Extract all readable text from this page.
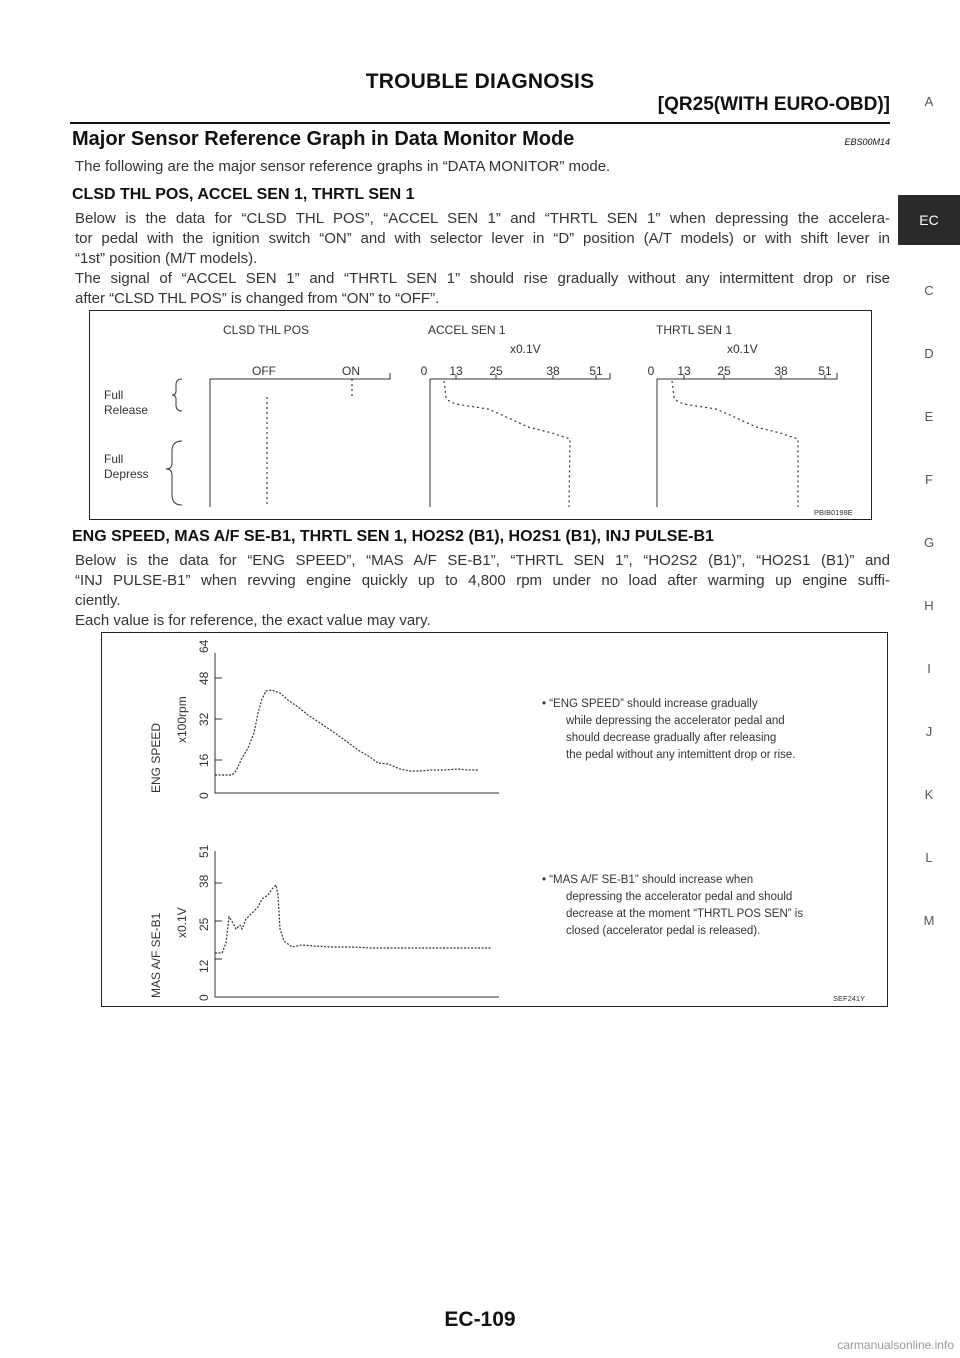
TROUBLE DIAGNOSIS
[QR25(WITH EURO-OBD)]
Major Sensor Reference Graph in Data Monitor Mode	EBS00M14
The following are the major sensor reference graphs in “DATA MONITOR” mode.
CLSD THL POS, ACCEL SEN 1, THRTL SEN 1
Below is the data for “CLSD THL POS”, “ACCEL SEN 1” and “THRTL SEN 1” when depressing the accelera-
tor pedal with the ignition switch “ON” and with selector lever in “D” position (A/T models) or with shift lever in
“1st” position (M/T models).
The signal of “ACCEL SEN 1” and “THRTL SEN 1” should rise gradually without any intermittent drop or rise
after “CLSD THL POS” is changed from “ON” to “OFF”.
CLSD THL POS	ACCEL SEN 1	THRTL SEN 1
x0.1V	x0.1V
OFF	ON
Full
Release
Full
Depress
0 13 25	38 51	0 13 25	38	51
PBIB0198E
ENG SPEED, MAS A/F SE-B1, THRTL SEN 1, HO2S2 (B1), HO2S1 (B1), INJ PULSE-B1
Below is the data for “ENG SPEED”, “MAS A/F SE-B1”, “THRTL SEN 1”, “HO2S2 (B1)”, “HO2S1 (B1)” and
“INJ PULSE-B1” when revving engine quickly up to 4,800 rpm under no load after warming up engine suffi-
ciently.
Each value is for reference, the exact value may vary.
ENG SPEED
x100rpm
0
16
32
48
64
• “ENG SPEED” should increase gradually
while depressing the accelerator pedal and
should decrease gradually after releasing
the pedal without any intemittent drop or rise.
MAS A/F SE-B1 x0.1V
0
12
25
38
51
• “MAS A/F SE-B1” should increase when
depressing the accelerator pedal and should
decrease at the moment “THRTL POS SEN” is
closed (accelerator pedal is released).
SEF241Y
A
EC
C
D
E
F
G
H
I
J
K
L
M
EC-109
carmanualsonline.info
